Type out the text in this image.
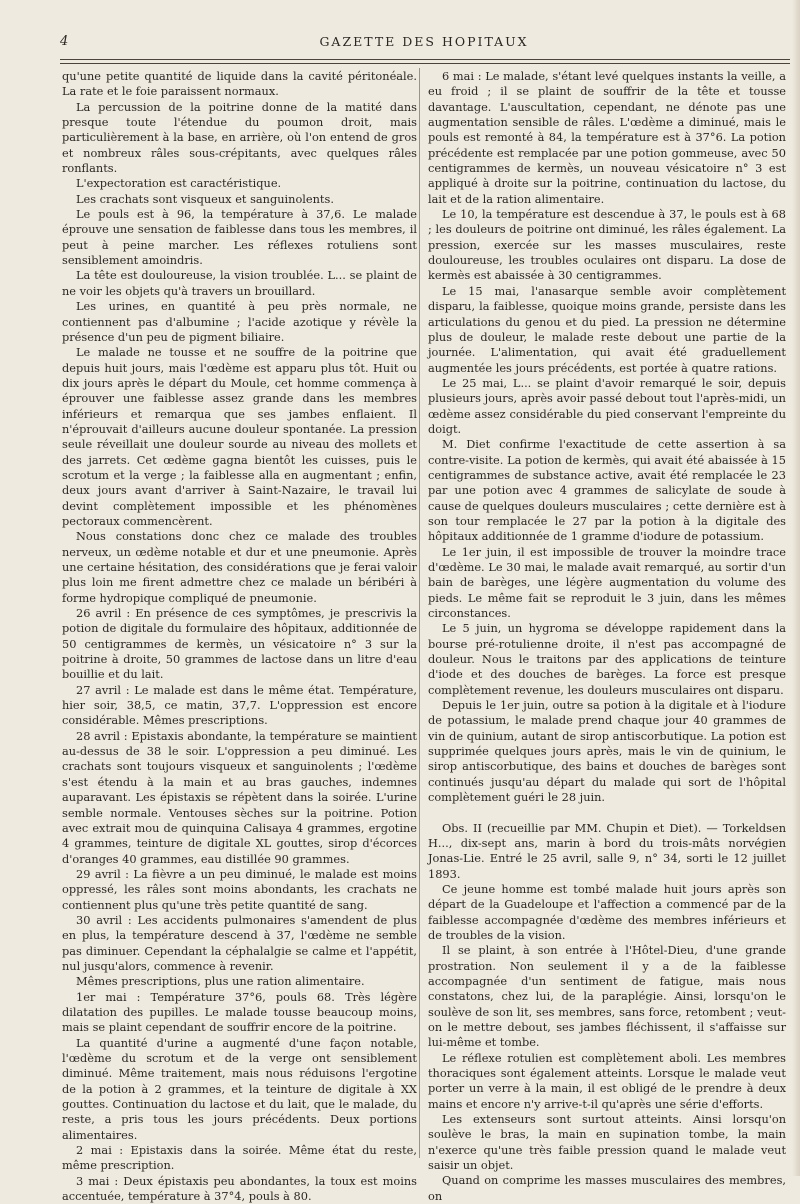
4	GAZETTE DES HOPITAUX

qu'une petite quantité de liquide dans la cavité péritonéale. La rate et le foie paraissent normaux.

La percussion de la poitrine donne de la matité dans presque toute l'étendue du poumon droit, mais particulièrement à la base, en arrière, où l'on entend de gros et nombreux râles sous-crépitants, avec quelques râles ronflants.

L'expectoration est caractéristique.

Les crachats sont visqueux et sanguinolents.

Le pouls est à 96, la température à 37,6. Le malade éprouve une sensation de faiblesse dans tous les membres, il peut à peine marcher. Les réflexes rotuliens sont sensiblement amoindris.

La tête est douloureuse, la vision troublée. L... se plaint de ne voir les objets qu'à travers un brouillard.

Les urines, en quantité à peu près normale, ne contiennent pas d'albumine ; l'acide azotique y révèle la présence d'un peu de pigment biliaire.

Le malade ne tousse et ne souffre de la poitrine que depuis huit jours, mais l'œdème est apparu plus tôt. Huit ou dix jours après le départ du Moule, cet homme commença à éprouver une faiblesse assez grande dans les membres inférieurs et remarqua que ses jambes enflaient. Il n'éprouvait d'ailleurs aucune douleur spontanée. La pression seule réveillait une douleur sourde au niveau des mollets et des jarrets. Cet œdème gagna bientôt les cuisses, puis le scrotum et la verge ; la faiblesse alla en augmentant ; enfin, deux jours avant d'arriver à Saint-Nazaire, le travail lui devint complètement impossible et les phénomènes pectoraux commencèrent.

Nous constations donc chez ce malade des troubles nerveux, un œdème notable et dur et une pneumonie. Après une certaine hésitation, des considérations que je ferai valoir plus loin me firent admettre chez ce malade un béribéri à forme hydropique compliqué de pneumonie.

26 avril : En présence de ces symptômes, je prescrivis la potion de digitale du formulaire des hôpitaux, additionnée de 50 centigrammes de kermès, un vésicatoire n° 3 sur la poitrine à droite, 50 grammes de lactose dans un litre d'eau bouillie et du lait.

27 avril : Le malade est dans le même état. Température, hier soir, 38,5, ce matin, 37,7. L'oppression est encore considérable. Mêmes prescriptions.

28 avril : Epistaxis abondante, la température se maintient au-dessus de 38 le soir. L'oppression a peu diminué. Les crachats sont toujours visqueux et sanguinolents ; l'œdème s'est étendu à la main et au bras gauches, indemnes auparavant. Les épistaxis se répètent dans la soirée. L'urine semble normale. Ventouses sèches sur la poitrine. Potion avec extrait mou de quinquina Calisaya 4 grammes, ergotine 4 grammes, teinture de digitale XL gouttes, sirop d'écorces d'oranges 40 grammes, eau distillée 90 grammes.

29 avril : La fièvre a un peu diminué, le malade est moins oppressé, les râles sont moins abondants, les crachats ne contiennent plus qu'une très petite quantité de sang.

30 avril : Les accidents pulmonaires s'amendent de plus en plus, la température descend à 37, l'œdème ne semble pas diminuer. Cependant la céphalalgie se calme et l'appétit, nul jusqu'alors, commence à revenir.

Mêmes prescriptions, plus une ration alimentaire.

1er mai : Température 37°6, pouls 68. Très légère dilatation des pupilles. Le malade tousse beaucoup moins, mais se plaint cependant de souffrir encore de la poitrine.

La quantité d'urine a augmenté d'une façon notable, l'œdème du scrotum et de la verge ont sensiblement diminué. Même traitement, mais nous réduisons l'ergotine de la potion à 2 grammes, et la teinture de digitale à XX gouttes. Continuation du lactose et du lait, que le malade, du reste, a pris tous les jours précédents. Deux portions alimentaires.

2 mai : Epistaxis dans la soirée. Même état du reste, même prescription.

3 mai : Deux épistaxis peu abondantes, la toux est moins accentuée, température à 37°4, pouls à 80.

6 mai : Le malade, s'étant levé quelques instants la veille, a eu froid ; il se plaint de souffrir de la tête et tousse davantage. L'auscultation, cependant, ne dénote pas une augmentation sensible de râles. L'œdème a diminué, mais le pouls est remonté à 84, la température est à 37°6. La potion précédente est remplacée par une potion gommeuse, avec 50 centigrammes de kermès, un nouveau vésicatoire n° 3 est appliqué à droite sur la poitrine, continuation du lactose, du lait et de la ration alimentaire.

Le 10, la température est descendue à 37, le pouls est à 68 ; les douleurs de poitrine ont diminué, les râles également. La pression, exercée sur les masses musculaires, reste douloureuse, les troubles oculaires ont disparu. La dose de kermès est abaissée à 30 centigrammes.

Le 15 mai, l'anasarque semble avoir complètement disparu, la faiblesse, quoique moins grande, persiste dans les articulations du genou et du pied. La pression ne détermine plus de douleur, le malade reste debout une partie de la journée. L'alimentation, qui avait été graduellement augmentée les jours précédents, est portée à quatre rations.

Le 25 mai, L... se plaint d'avoir remarqué le soir, depuis plusieurs jours, après avoir passé debout tout l'après-midi, un œdème assez considérable du pied conservant l'empreinte du doigt.

M. Diet confirme l'exactitude de cette assertion à sa contre-visite. La potion de kermès, qui avait été abaissée à 15 centigrammes de substance active, avait été remplacée le 23 par une potion avec 4 grammes de salicylate de soude à cause de quelques douleurs musculaires ; cette dernière est à son tour remplacée le 27 par la potion à la digitale des hôpitaux additionnée de 1 gramme d'iodure de potassium.

Le 1er juin, il est impossible de trouver la moindre trace d'œdème. Le 30 mai, le malade avait remarqué, au sortir d'un bain de barèges, une légère augmentation du volume des pieds. Le même fait se reproduit le 3 juin, dans les mêmes circonstances.

Le 5 juin, un hygroma se développe rapidement dans la bourse pré-rotulienne droite, il n'est pas accompagné de douleur. Nous le traitons par des applications de teinture d'iode et des douches de barèges. La force est presque complètement revenue, les douleurs musculaires ont disparu.

Depuis le 1er juin, outre sa potion à la digitale et à l'iodure de potassium, le malade prend chaque jour 40 grammes de vin de quinium, autant de sirop antiscorbutique. La potion est supprimée quelques jours après, mais le vin de quinium, le sirop antiscorbutique, des bains et douches de barèges sont continués jusqu'au départ du malade qui sort de l'hôpital complètement guéri le 28 juin.

Obs. II (recueillie par MM. Chupin et Diet). — Torkeldsen H..., dix-sept ans, marin à bord du trois-mâts norvégien Jonas-Lie. Entré le 25 avril, salle 9, n° 34, sorti le 12 juillet 1893.

Ce jeune homme est tombé malade huit jours après son départ de la Guadeloupe et l'affection a commencé par de la faiblesse accompagnée d'œdème des membres inférieurs et de troubles de la vision.

Il se plaint, à son entrée à l'Hôtel-Dieu, d'une grande prostration. Non seulement il y a de la faiblesse accompagnée d'un sentiment de fatigue, mais nous constatons, chez lui, de la paraplégie. Ainsi, lorsqu'on le soulève de son lit, ses membres, sans force, retombent ; veut-on le mettre debout, ses jambes fléchissent, il s'affaisse sur lui-même et tombe.

Le réflexe rotulien est complètement aboli. Les membres thoraciques sont également atteints. Lorsque le malade veut porter un verre à la main, il est obligé de le prendre à deux mains et encore n'y arrive-t-il qu'après une série d'efforts.

Les extenseurs sont surtout atteints. Ainsi lorsqu'on soulève le bras, la main en supination tombe, la main n'exerce qu'une très faible pression quand le malade veut saisir un objet.

Quand on comprime les masses musculaires des membres, on
